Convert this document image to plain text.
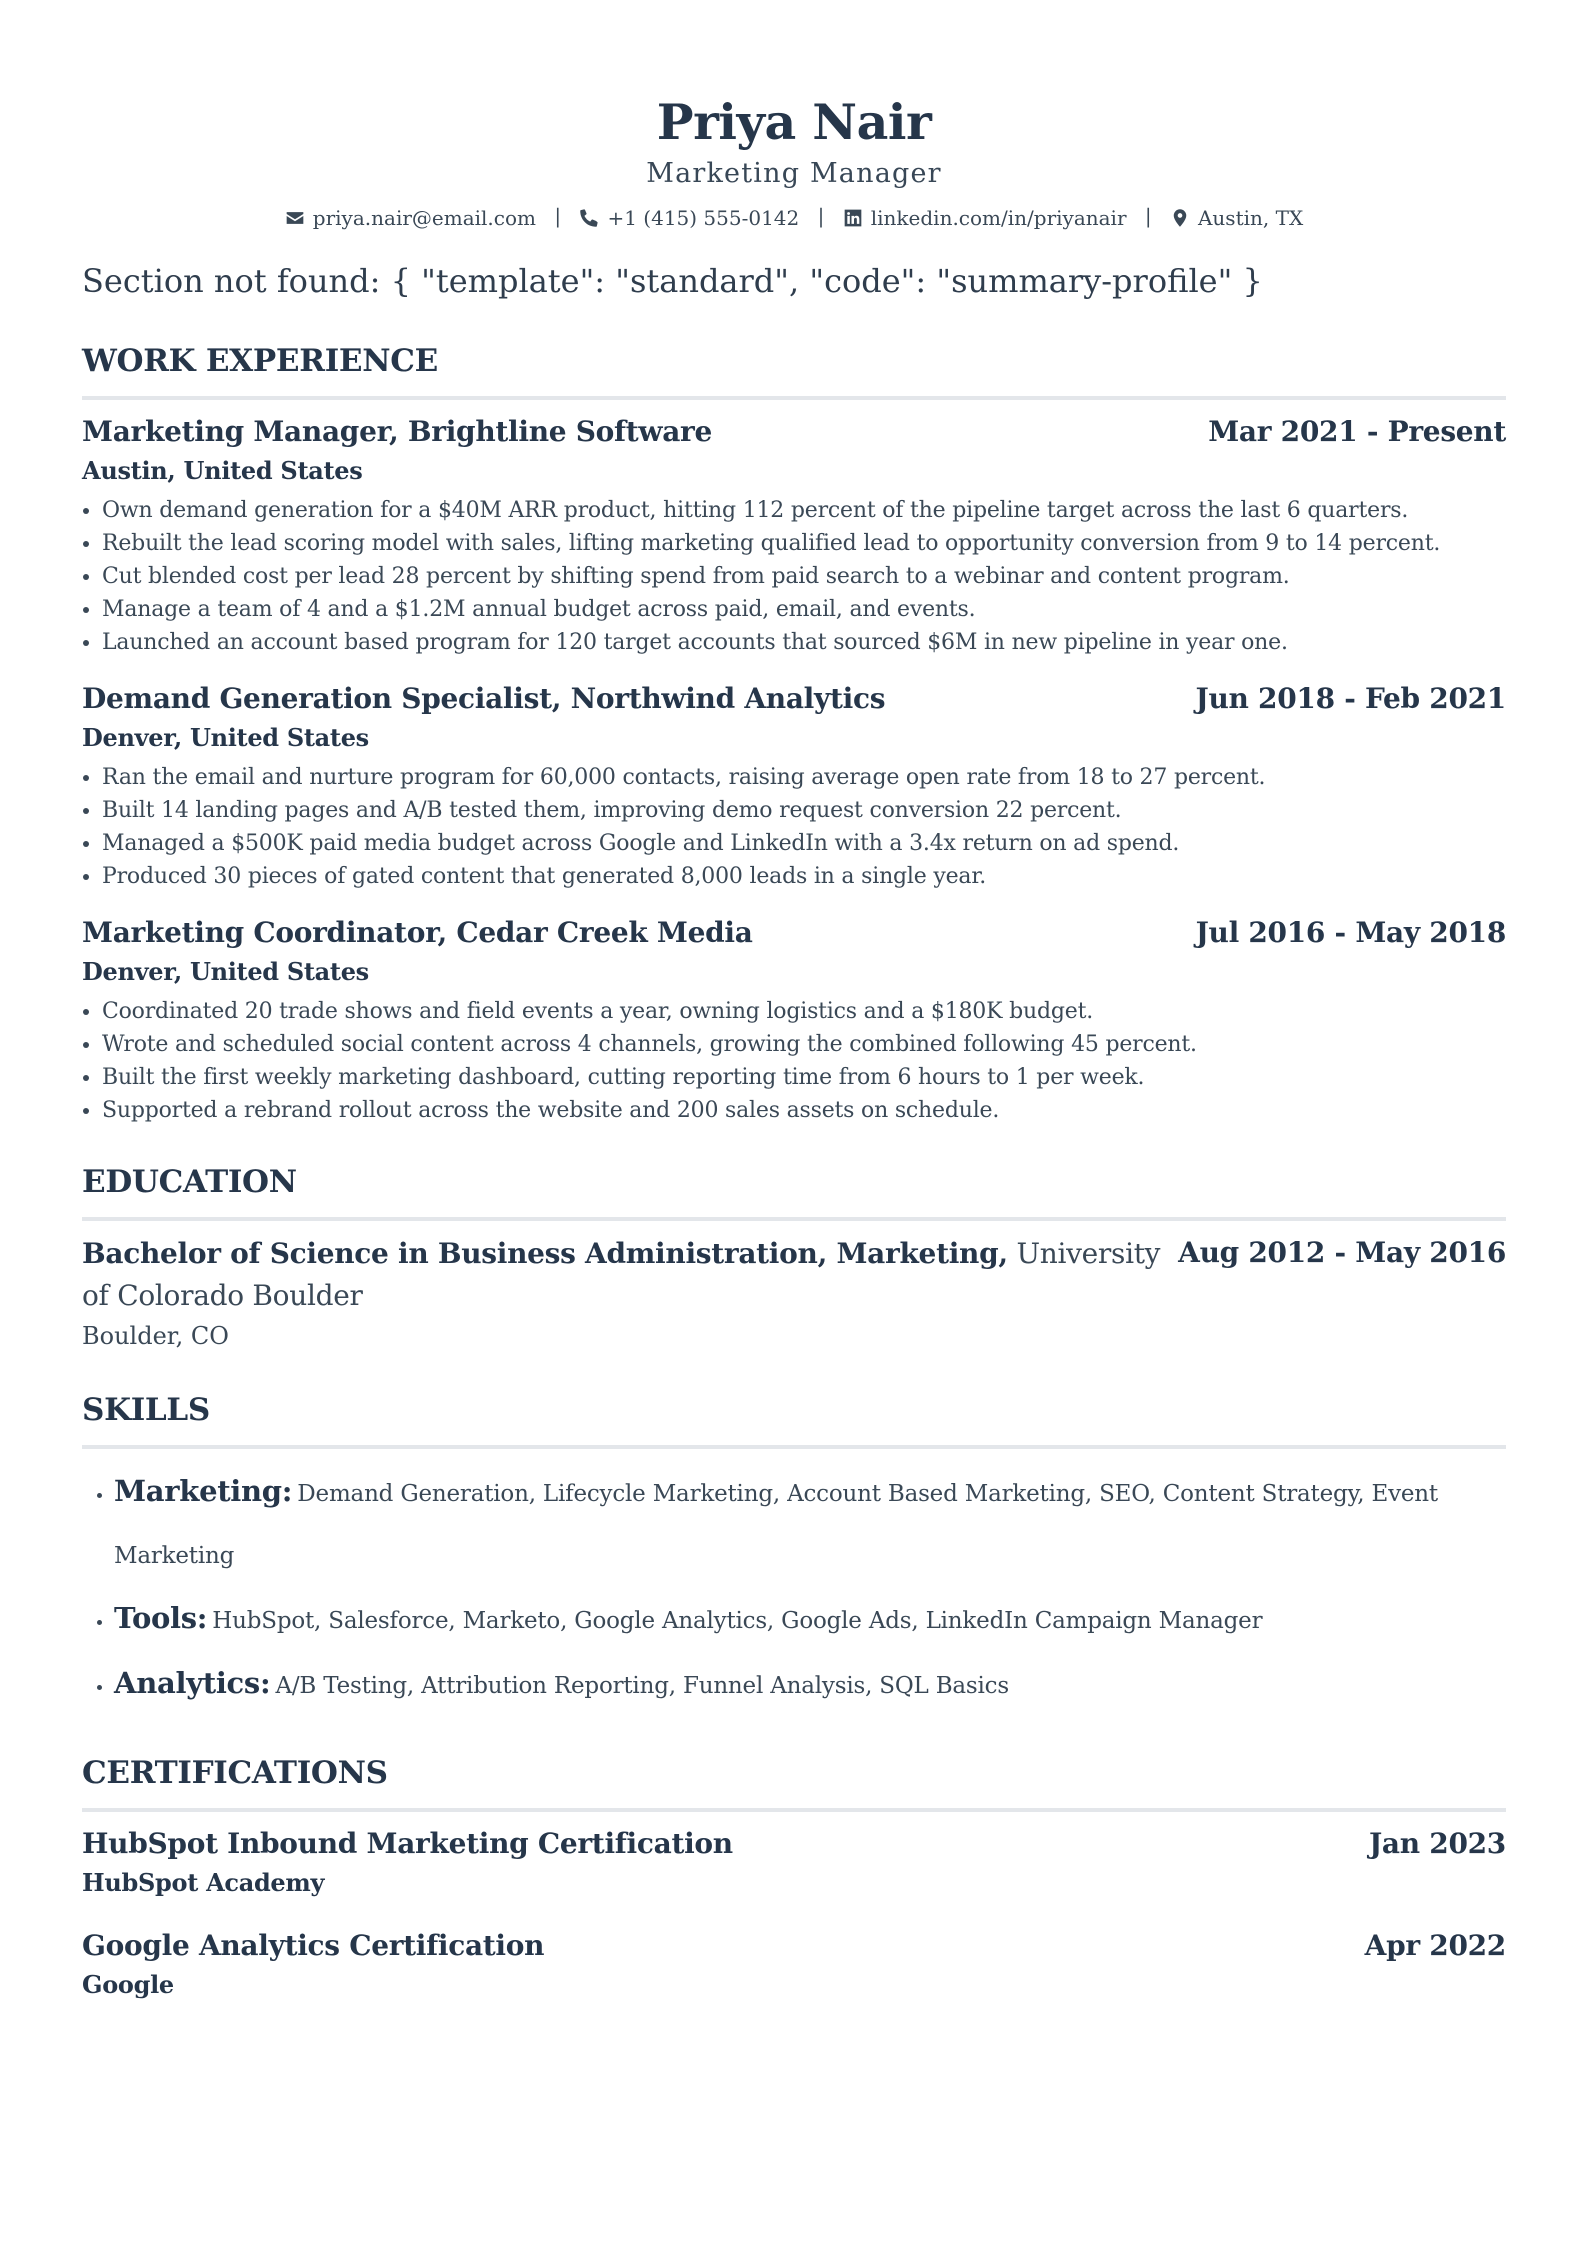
Priya Nair
Marketing Manager
priya.nair@email.com | +1 (415) 555-0142 | linkedin.com/in/priyanair | Austin, TX
Section not found: { "template": "standard", "code": "summary-profile" }
WORK EXPERIENCE
Marketing Manager, Brightline Software	Mar 2021 - Present
Austin, United States
• Own demand generation for a $40M ARR product, hitting 112 percent of the pipeline target across the last 6 quarters.
• Rebuilt the lead scoring model with sales, lifting marketing qualified lead to opportunity conversion from 9 to 14 percent.
• Cut blended cost per lead 28 percent by shifting spend from paid search to a webinar and content program.
• Manage a team of 4 and a $1.2M annual budget across paid, email, and events.
• Launched an account based program for 120 target accounts that sourced $6M in new pipeline in year one.
Demand Generation Specialist, Northwind Analytics	Jun 2018 - Feb 2021
Denver, United States
• Ran the email and nurture program for 60,000 contacts, raising average open rate from 18 to 27 percent.
• Built 14 landing pages and A/B tested them, improving demo request conversion 22 percent.
• Managed a $500K paid media budget across Google and LinkedIn with a 3.4x return on ad spend.
• Produced 30 pieces of gated content that generated 8,000 leads in a single year.
Marketing Coordinator, Cedar Creek Media	Jul 2016 - May 2018
Denver, United States
• Coordinated 20 trade shows and field events a year, owning logistics and a $180K budget.
• Wrote and scheduled social content across 4 channels, growing the combined following 45 percent.
• Built the first weekly marketing dashboard, cutting reporting time from 6 hours to 1 per week.
• Supported a rebrand rollout across the website and 200 sales assets on schedule.
EDUCATION
Bachelor of Science in Business Administration, Marketing, University of Colorado Boulder
Aug 2012 - May 2016
Boulder, CO
SKILLS
• Marketing: Demand Generation, Lifecycle Marketing, Account Based Marketing, SEO, Content Strategy, Event Marketing
• Tools: HubSpot, Salesforce, Marketo, Google Analytics, Google Ads, LinkedIn Campaign Manager
• Analytics: A/B Testing, Attribution Reporting, Funnel Analysis, SQL Basics
CERTIFICATIONS
HubSpot Inbound Marketing Certification	Jan 2023
HubSpot Academy
Google Analytics Certification	Apr 2022
Google
